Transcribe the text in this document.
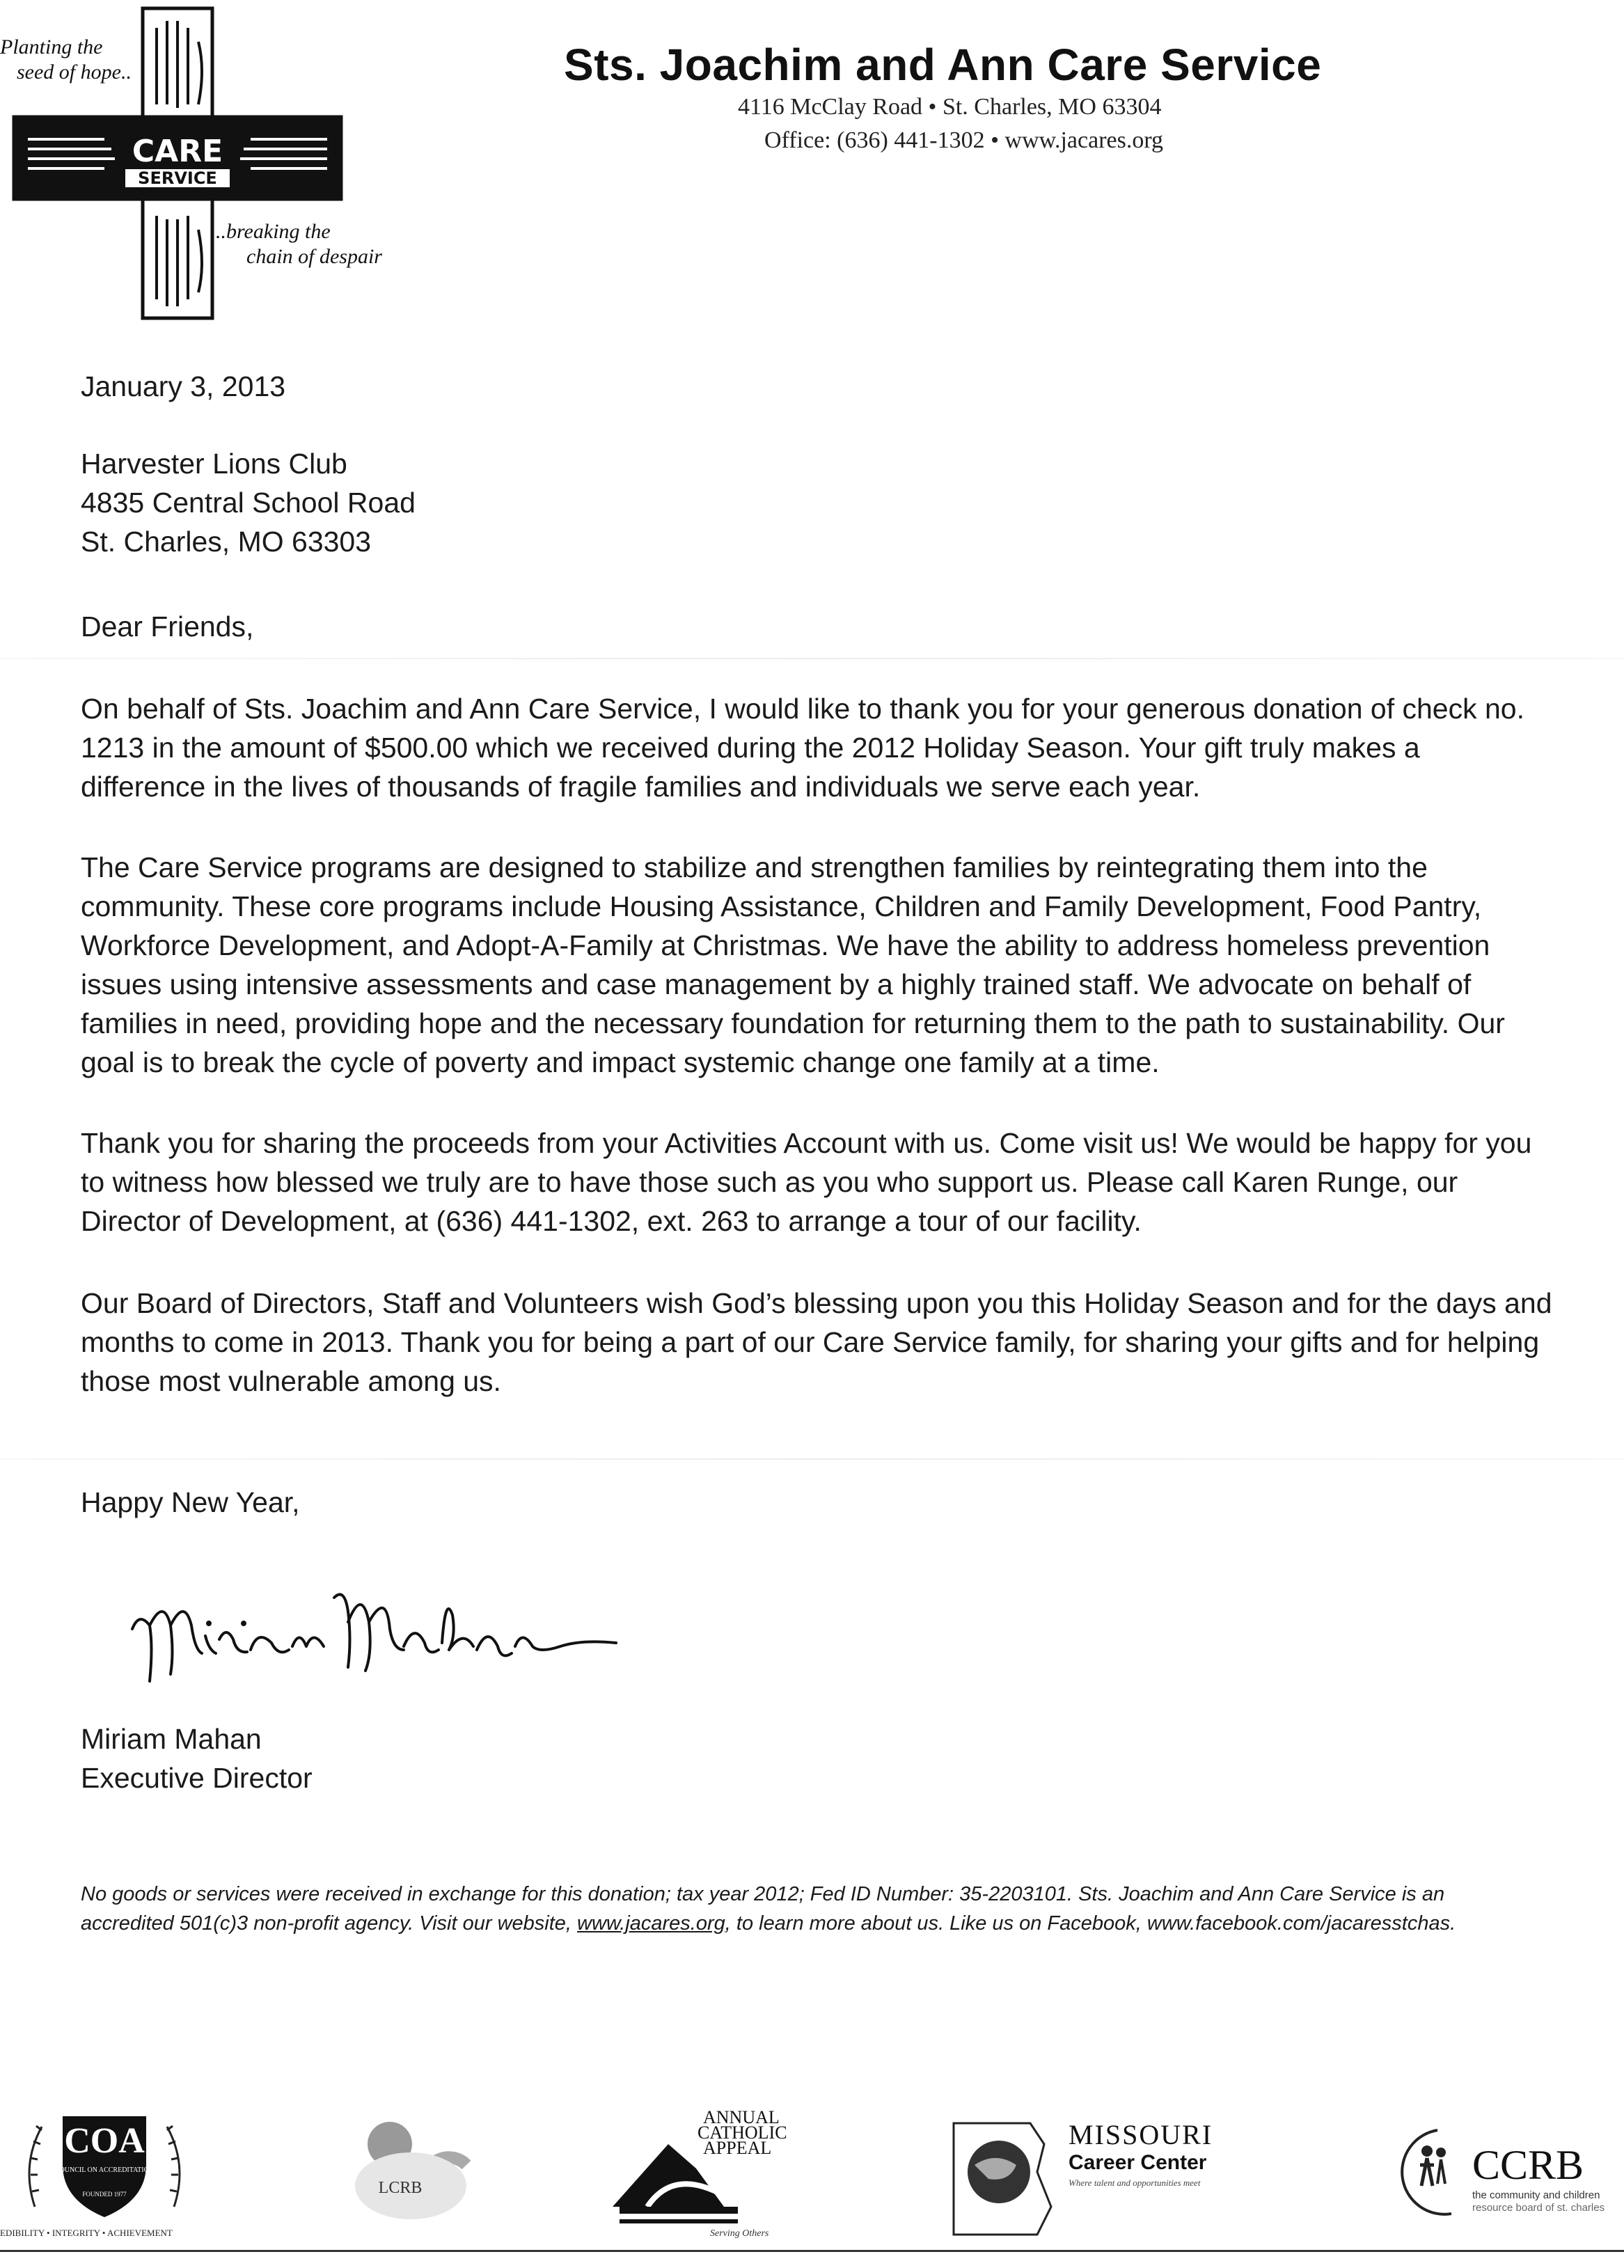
CARE
SERVICE
Planting the
seed of hope..
..breaking the
chain of despair
Sts. Joachim and Ann Care Service
4116 McClay Road • St. Charles, MO 63304
Office: (636) 441-1302 • www.jacares.org
January 3, 2013
Harvester Lions Club
4835 Central School Road
St. Charles, MO 63303
Dear Friends,
On behalf of Sts. Joachim and Ann Care Service, I would like to thank you for your generous donation of check no.
1213 in the amount of $500.00 which we received during the 2012 Holiday Season. Your gift truly makes a
difference in the lives of thousands of fragile families and individuals we serve each year.
The Care Service programs are designed to stabilize and strengthen families by reintegrating them into the
community. These core programs include Housing Assistance, Children and Family Development, Food Pantry,
Workforce Development, and Adopt-A-Family at Christmas. We have the ability to address homeless prevention
issues using intensive assessments and case management by a highly trained staff. We advocate on behalf of
families in need, providing hope and the necessary foundation for returning them to the path to sustainability. Our
goal is to break the cycle of poverty and impact systemic change one family at a time.
Thank you for sharing the proceeds from your Activities Account with us. Come visit us! We would be happy for you
to witness how blessed we truly are to have those such as you who support us. Please call Karen Runge, our
Director of Development, at (636) 441-1302, ext. 263 to arrange a tour of our facility.
Our Board of Directors, Staff and Volunteers wish God’s blessing upon you this Holiday Season and for the days and
months to come in 2013. Thank you for being a part of our Care Service family, for sharing your gifts and for helping
those most vulnerable among us.
Happy New Year,
Miriam Mahan
Executive Director
No goods or services were received in exchange for this donation; tax year 2012; Fed ID Number: 35-2203101. Sts. Joachim and Ann Care Service is an
accredited 501(c)3 non-profit agency. Visit our website, www.jacares.org, to learn more about us. Like us on Facebook, www.facebook.com/jacaresstchas.
COA
COUNCIL ON ACCREDITATION
FOUNDED 1977
EDIBILITY • INTEGRITY • ACHIEVEMENT
LCRB
ANNUAL
CATHOLIC
APPEAL
Serving Others
MISSOURI
Career Center
Where talent and opportunities meet	CCRB
the community and children
resource board of st. charles
